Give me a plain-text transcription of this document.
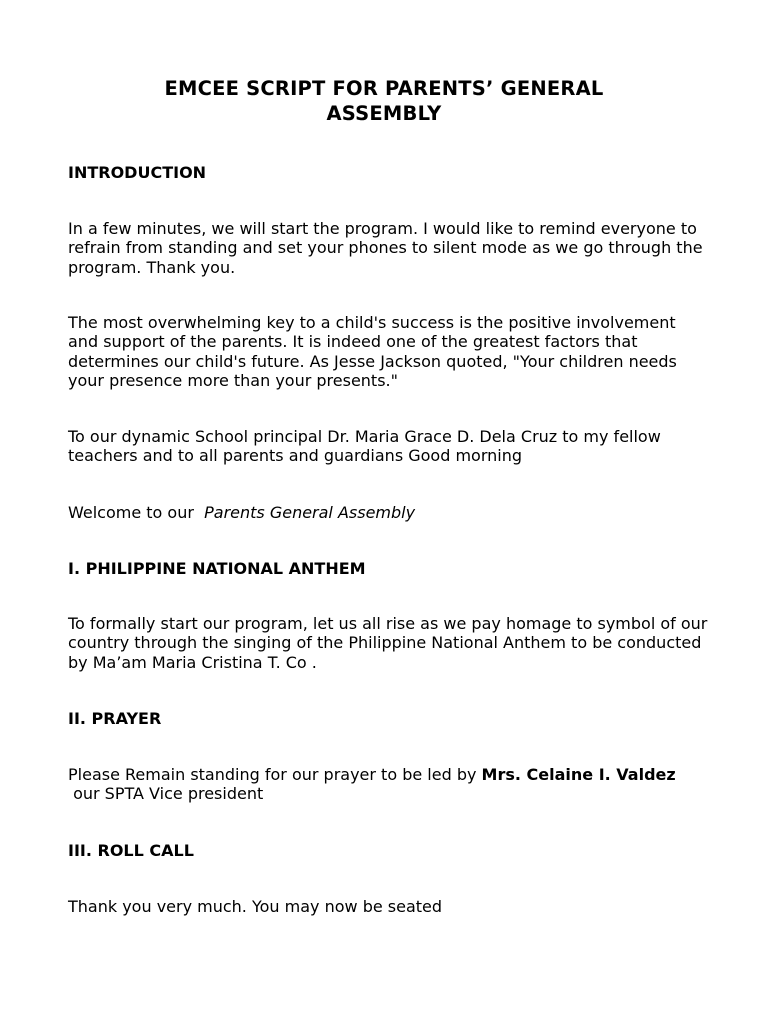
EMCEE SCRIPT FOR PARENTS’ GENERAL
ASSEMBLY
INTRODUCTION
In a few minutes, we will start the program. I would like to remind everyone to refrain from standing and set your phones to silent mode as we go through the program. Thank you.
The most overwhelming key to a child's success is the positive involvement and support of the parents. It is indeed one of the greatest factors that determines our child's future. As Jesse Jackson quoted, "Your children needs your presence more than your presents."
To our dynamic School principal Dr. Maria Grace D. Dela Cruz to my fellow teachers and to all parents and guardians Good morning
Welcome to our  Parents General Assembly
I. PHILIPPINE NATIONAL ANTHEM
To formally start our program, let us all rise as we pay homage to symbol of our country through the singing of the Philippine National Anthem to be conducted by Ma’am Maria Cristina T. Co .
II. PRAYER
Please Remain standing for our prayer to be led by Mrs. Celaine I. Valdez our SPTA Vice president
III. ROLL CALL
Thank you very much. You may now be seated
